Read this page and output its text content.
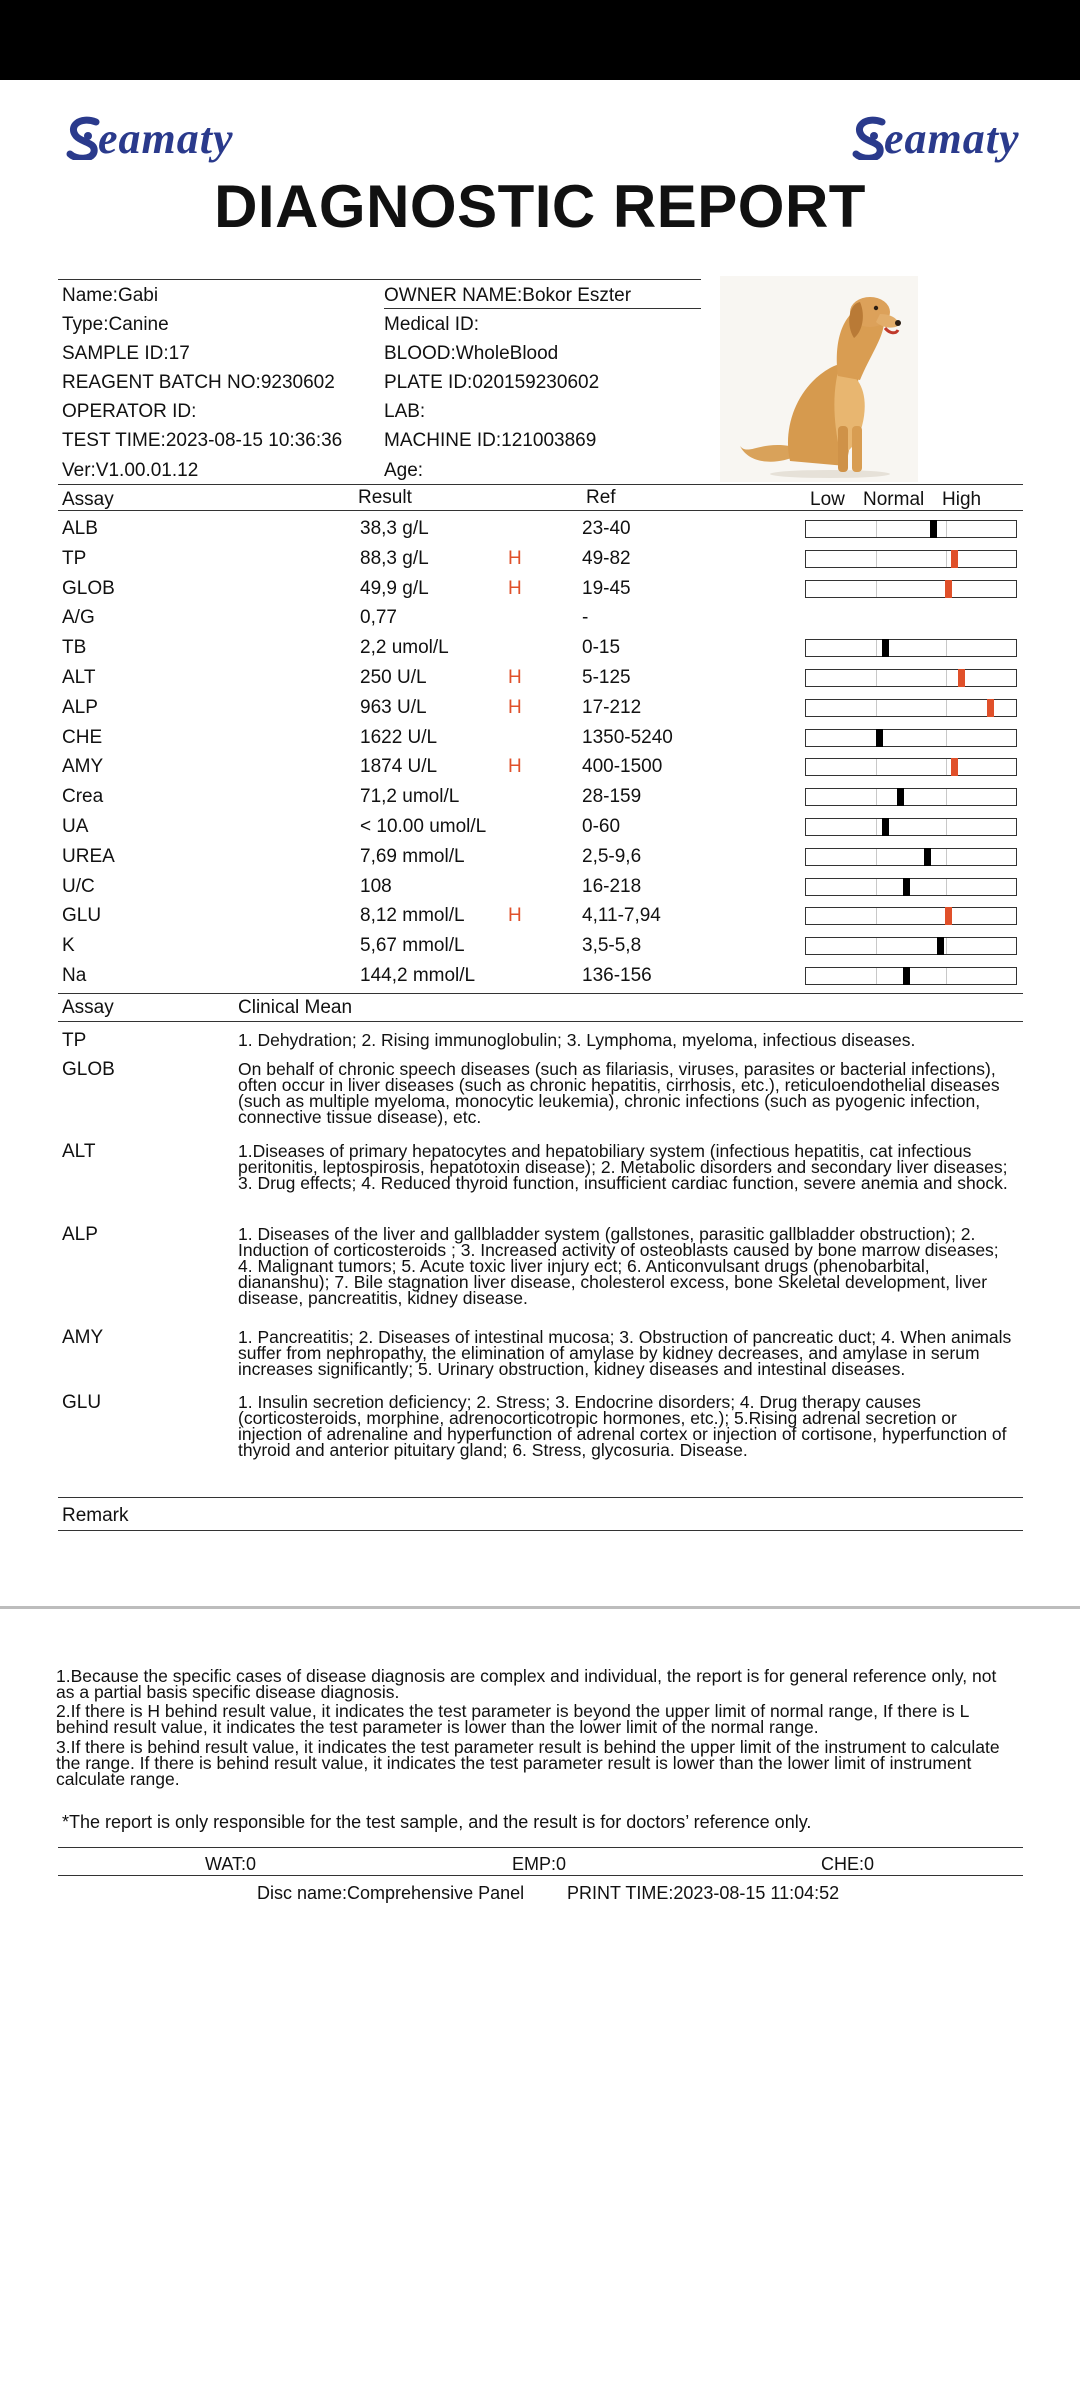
eamaty	eamaty
DIAGNOSTIC REPORT
Name:Gabi	OWNER NAME:Bokor Eszter
Type:Canine	Medical ID:
SAMPLE ID:17	BLOOD:WholeBlood
REAGENT BATCH NO:9230602	PLATE ID:020159230602
OPERATOR ID:	LAB:
TEST TIME:2023-08-15 10:36:36 MACHINE ID:121003869
Ver:V1.00.01.12	Age:
Assay	Result	Ref	Low Normal High
ALB	38,3 g/L	23-40
TP	88,3 g/L	H	49-82
GLOB	49,9 g/L	H	19-45
A/G	0,77	-
TB	2,2 umol/L	0-15
ALT	250 U/L	H	5-125
ALP	963 U/L	H	17-212
CHE	1622 U/L	1350-5240
AMY	1874 U/L	H	400-1500
Crea	71,2 umol/L	28-159
UA	< 10.00 umol/L	0-60
UREA	7,69 mmol/L	2,5-9,6
U/C	108	16-218
GLU	8,12 mmol/L H	4,11-7,94
K	5,67 mmol/L	3,5-5,8
Na	144,2 mmol/L	136-156
Assay	Clinical Mean
TP	1. Dehydration; 2. Rising immunoglobulin; 3. Lymphoma, myeloma, infectious diseases.
GLOB	On behalf of chronic speech diseases (such as filariasis, viruses, parasites or bacterial infections), often occur in liver diseases (such as chronic hepatitis, cirrhosis, etc.), reticuloendothelial diseases (such as multiple myeloma, monocytic leukemia), chronic infections (such as pyogenic infection, connective tissue disease), etc.
ALT	1.Diseases of primary hepatocytes and hepatobiliary system (infectious hepatitis, cat infectious peritonitis, leptospirosis, hepatotoxin disease); 2. Metabolic disorders and secondary liver diseases; 3. Drug effects; 4. Reduced thyroid function, insufficient cardiac function, severe anemia and shock.
ALP	1. Diseases of the liver and gallbladder system (gallstones, parasitic gallbladder obstruction); 2. Induction of corticosteroids ; 3. Increased activity of osteoblasts caused by bone marrow diseases; 4. Malignant tumors; 5. Acute toxic liver injury ect; 6. Anticonvulsant drugs (phenobarbital, diananshu); 7. Bile stagnation liver disease, cholesterol excess, bone Skeletal development, liver disease, pancreatitis, kidney disease.
AMY	1. Pancreatitis; 2. Diseases of intestinal mucosa; 3. Obstruction of pancreatic duct; 4. When animals suffer from nephropathy, the elimination of amylase by kidney decreases, and amylase in serum increases significantly; 5. Urinary obstruction, kidney diseases and intestinal diseases.
GLU	1. Insulin secretion deficiency; 2. Stress; 3. Endocrine disorders; 4. Drug therapy causes (corticosteroids, morphine, adrenocorticotropic hormones, etc.); 5.Rising adrenal secretion or injection of adrenaline and hyperfunction of adrenal cortex or injection of cortisone, hyperfunction of thyroid and anterior pituitary gland; 6. Stress, glycosuria. Disease.
Remark
1.Because the specific cases of disease diagnosis are complex and individual, the report is for general reference only, not as a partial basis specific disease diagnosis.
2.If there is H behind result value, it indicates the test parameter is beyond the upper limit of normal range, If there is L behind result value, it indicates the test parameter is lower than the lower limit of the normal range.
3.If there is behind result value, it indicates the test parameter result is behind the upper limit of the instrument to calculate the range. If there is behind result value, it indicates the test parameter result is lower than the lower limit of instrument calculate range.
*The report is only responsible for the test sample, and the result is for doctors’ reference only.
WAT:0	EMP:0	CHE:0
Disc name:Comprehensive Panel PRINT TIME:2023-08-15 11:04:52
